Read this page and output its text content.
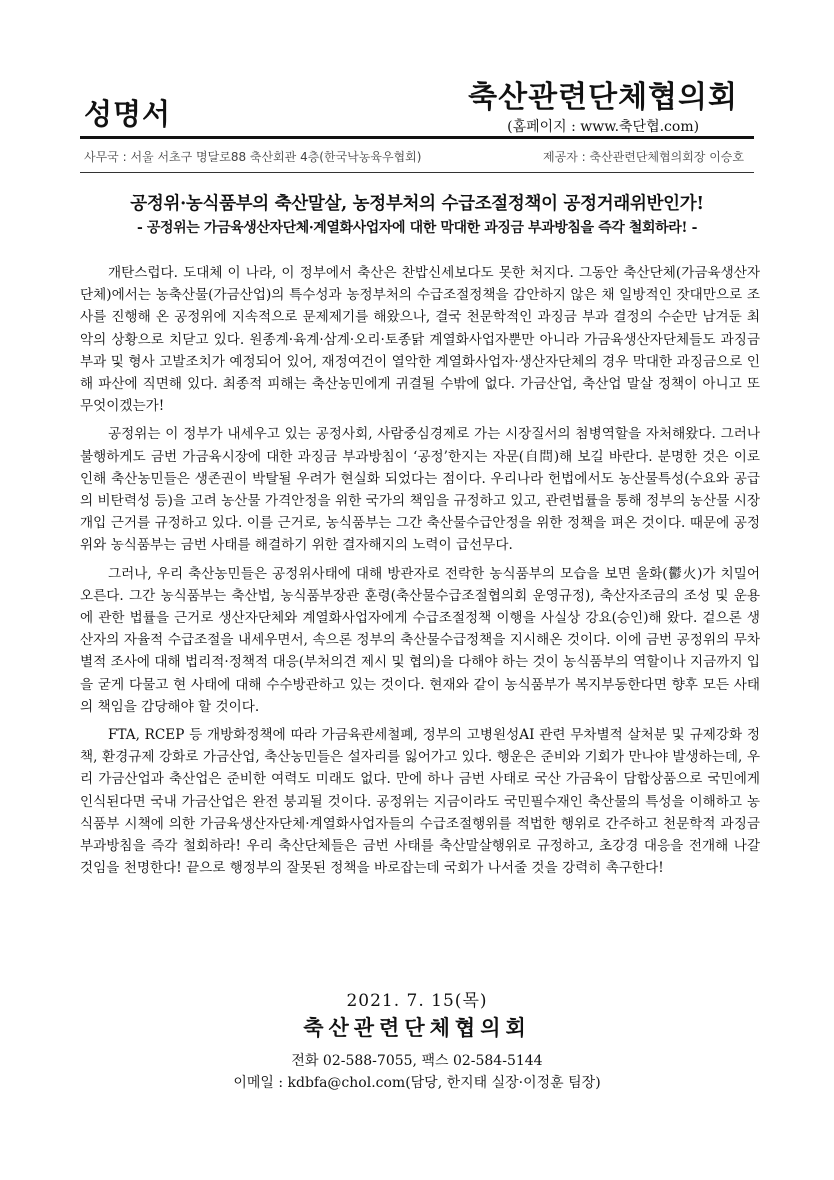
성명서	축산관련단체협의회
(홈페이지 : www.축단협.com)
사무국 : 서울 서초구 명달로88 축산회관 4층(한국낙농육우협회)	제공자 : 축산관련단체협의회장 이승호
공정위·농식품부의 축산말살, 농정부처의 수급조절정책이 공정거래위반인가!
- 공정위는 가금육생산자단체·계열화사업자에 대한 막대한 과징금 부과방침을 즉각 철회하라! -

개탄스럽다. 도대체 이 나라, 이 정부에서 축산은 찬밥신세보다도 못한 처지다. 그동안 축산단체(가금육생산자단체)에서는 농축산물(가금산업)의 특수성과 농정부처의 수급조절정책을 감안하지 않은 채 일방적인 잣대만으로 조사를 진행해 온 공정위에 지속적으로 문제제기를 해왔으나, 결국 천문학적인 과징금 부과 결정의 수순만 남겨둔 최악의 상황으로 치닫고 있다. 원종계·육계·삼계·오리·토종닭 계열화사업자뿐만 아니라 가금육생산자단체들도 과징금부과 및 형사 고발조치가 예정되어 있어, 재정여건이 열악한 계열화사업자·생산자단체의 경우 막대한 과징금으로 인해 파산에 직면해 있다. 최종적 피해는 축산농민에게 귀결될 수밖에 없다. 가금산업, 축산업 말살 정책이 아니고 또 무엇이겠는가!

공정위는 이 정부가 내세우고 있는 공정사회, 사람중심경제로 가는 시장질서의 첨병역할을 자처해왔다. 그러나 불행하게도 금번 가금육시장에 대한 과징금 부과방침이 ‘공정’한지는 자문(自問)해 보길 바란다. 분명한 것은 이로 인해 축산농민들은 생존권이 박탈될 우려가 현실화 되었다는 점이다. 우리나라 헌법에서도 농산물특성(수요와 공급의 비탄력성 등)을 고려 농산물 가격안정을 위한 국가의 책임을 규정하고 있고, 관련법률을 통해 정부의 농산물 시장개입 근거를 규정하고 있다. 이를 근거로, 농식품부는 그간 축산물수급안정을 위한 정책을 펴온 것이다. 때문에 공정위와 농식품부는 금번 사태를 해결하기 위한 결자해지의 노력이 급선무다.

그러나, 우리 축산농민들은 공정위사태에 대해 방관자로 전락한 농식품부의 모습을 보면 울화(鬱火)가 치밀어 오른다. 그간 농식품부는 축산법, 농식품부장관 훈령(축산물수급조절협의회 운영규정), 축산자조금의 조성 및 운용에 관한 법률을 근거로 생산자단체와 계열화사업자에게 수급조절정책 이행을 사실상 강요(승인)해 왔다. 겉으론 생산자의 자율적 수급조절을 내세우면서, 속으론 정부의 축산물수급정책을 지시해온 것이다. 이에 금번 공정위의 무차별적 조사에 대해 법리적·정책적 대응(부처의견 제시 및 협의)을 다해야 하는 것이 농식품부의 역할이나 지금까지 입을 굳게 다물고 현 사태에 대해 수수방관하고 있는 것이다. 현재와 같이 농식품부가 복지부동한다면 향후 모든 사태의 책임을 감당해야 할 것이다.

FTA, RCEP 등 개방화정책에 따라 가금육관세철폐, 정부의 고병원성AI 관련 무차별적 살처분 및 규제강화 정책, 환경규제 강화로 가금산업, 축산농민들은 설자리를 잃어가고 있다. 행운은 준비와 기회가 만나야 발생하는데, 우리 가금산업과 축산업은 준비한 여력도 미래도 없다. 만에 하나 금번 사태로 국산 가금육이 담합상품으로 국민에게 인식된다면 국내 가금산업은 완전 붕괴될 것이다. 공정위는 지금이라도 국민필수재인 축산물의 특성을 이해하고 농식품부 시책에 의한 가금육생산자단체·계열화사업자들의 수급조절행위를 적법한 행위로 간주하고 천문학적 과징금 부과방침을 즉각 철회하라! 우리 축산단체들은 금번 사태를 축산말살행위로 규정하고, 초강경 대응을 전개해 나갈 것임을 천명한다! 끝으로 행정부의 잘못된 정책을 바로잡는데 국회가 나서줄 것을 강력히 촉구한다!

2021. 7. 15(목)
축산관련단체협의회
전화 02-588-7055, 팩스 02-584-5144
이메일 : kdbfa@chol.com(담당, 한지태 실장·이정훈 팀장)
